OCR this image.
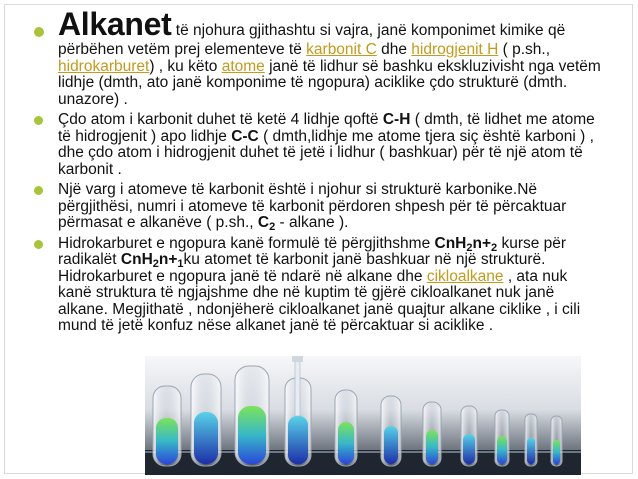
Alkanet të njohura gjithashtu si vajra, janë komponimet kimike që përbëhen vetëm prej elementeve të karbonit C dhe hidrogjenit H ( p.sh., hidrokarburet) , ku këto atome janë të lidhur së bashku ekskluzivisht nga vetëm lidhje (dmth, ato janë komponime të ngopura) aciklike çdo strukturë (dmth. unazore) .
Çdo atom i karbonit duhet të ketë 4 lidhje qoftë C-H ( dmth, të lidhet me atome të hidrogjenit ) apo lidhje C-C ( dmth,lidhje me atome tjera siç është karboni ) , dhe çdo atom i hidrogjenit duhet të jetë i lidhur ( bashkuar) për të një atom të karbonit .
Një varg i atomeve të karbonit është i njohur si strukturë karbonike.Në përgjithësi, numri i atomeve të karbonit përdoren shpesh për të përcaktuar përmasat e alkanëve ( p.sh., $C_2$ - alkane ).
Hidrokarburet e ngopura kanë formulë të përgjithshme $CnH_2n+_2$ kurse për radikalët $CnH_2n+_1ku$ atomet të karbonit janë bashkuar në një strukturë. Hidrokarburet e ngopura janë të ndarë në alkane dhe cikloalkane , ata nuk kanë struktura të ngjajshme dhe në kuptim të gjërë cikloalkanet nuk janë alkane. Megjithatë , ndonjëherë cikloalkanet janë quajtur alkane ciklike , i cili mund të jetë konfuz nëse alkanet janë të përcaktuar si aciklike .
